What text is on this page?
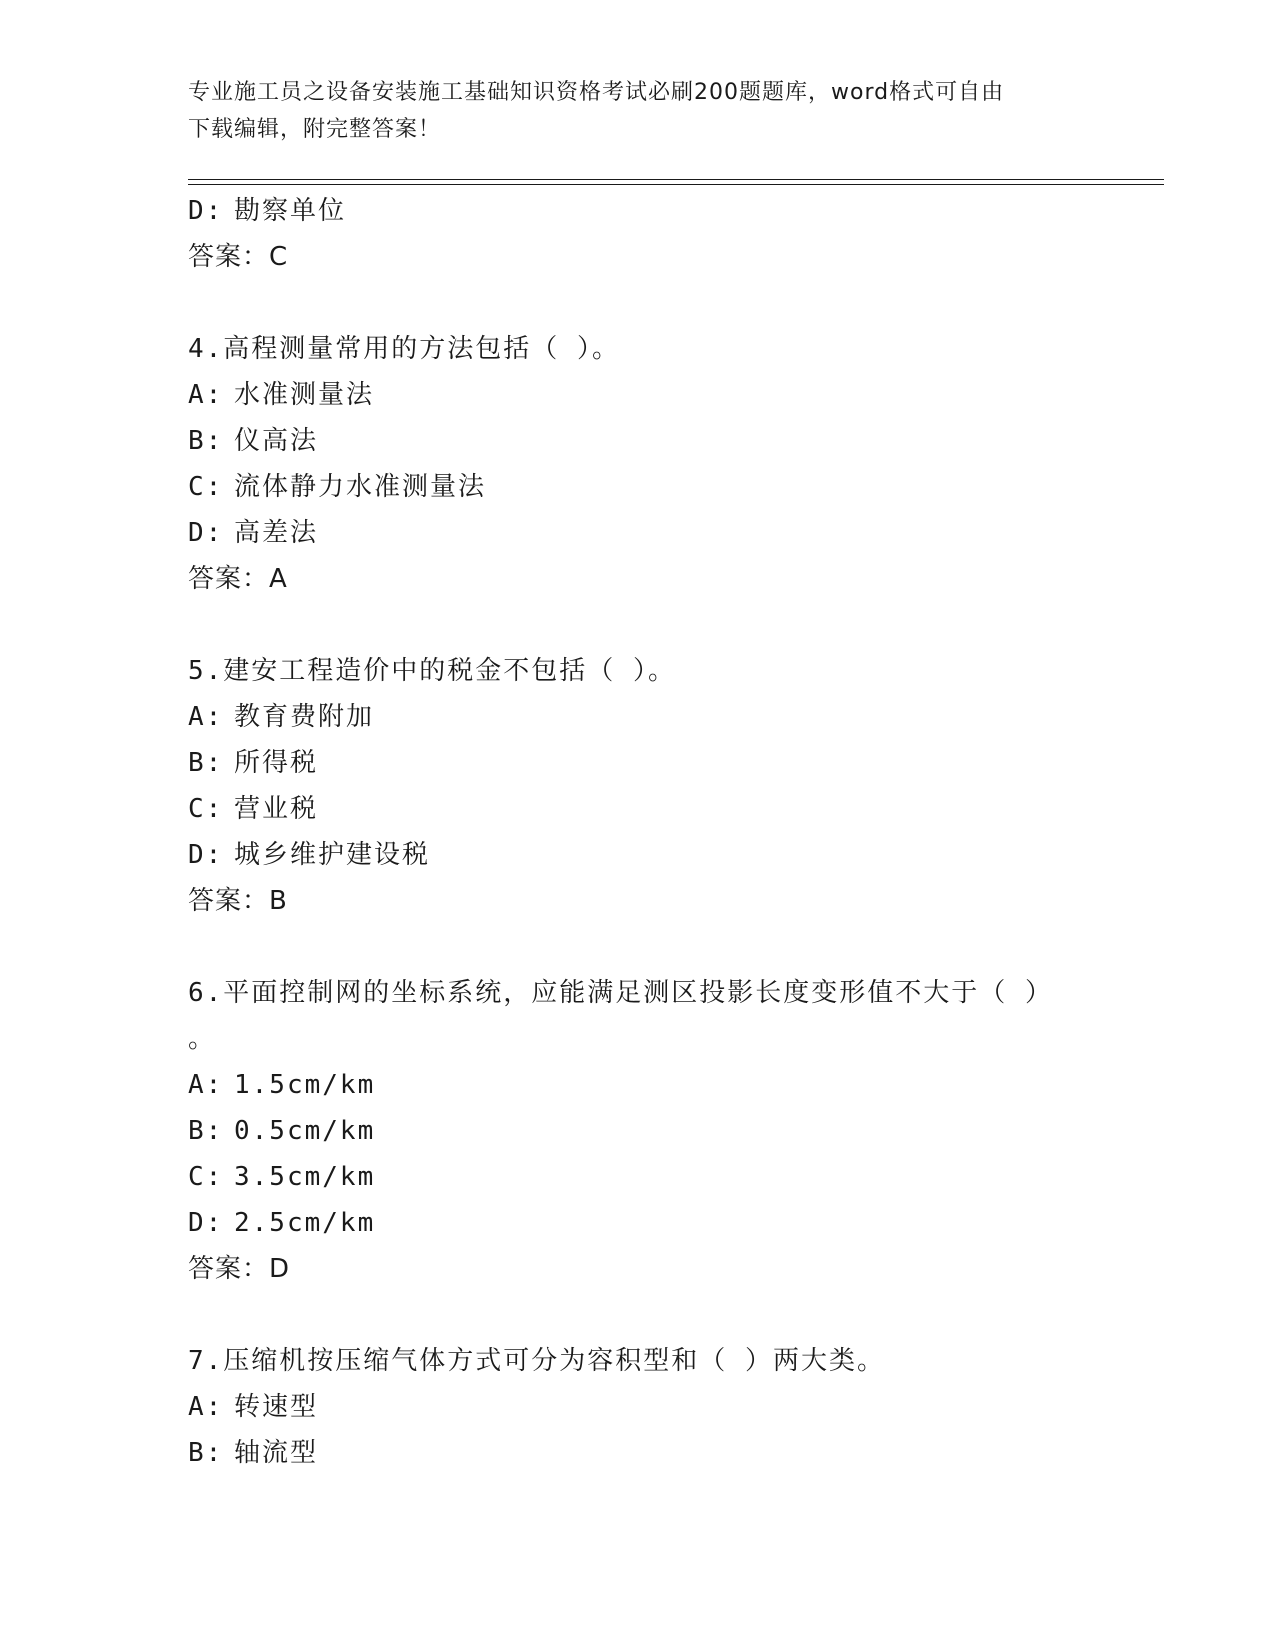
专业施工员之设备安装施工基础知识资格考试必刷200题题库，word格式可自由
下载编辑，附完整答案！
D: 勘察单位
答案：C
4.高程测量常用的方法包括（ ）。
A: 水准测量法
B: 仪高法
C: 流体静力水准测量法
D: 高差法
答案：A
5.建安工程造价中的税金不包括（ ）。
A: 教育费附加
B: 所得税
C: 营业税
D: 城乡维护建设税
答案：B
6.平面控制网的坐标系统，应能满足测区投影长度变形值不大于（ ）
。
A: 1.5cm/km
B: 0.5cm/km
C: 3.5cm/km
D: 2.5cm/km
答案：D
7.压缩机按压缩气体方式可分为容积型和（ ）两大类。
A: 转速型
B: 轴流型
